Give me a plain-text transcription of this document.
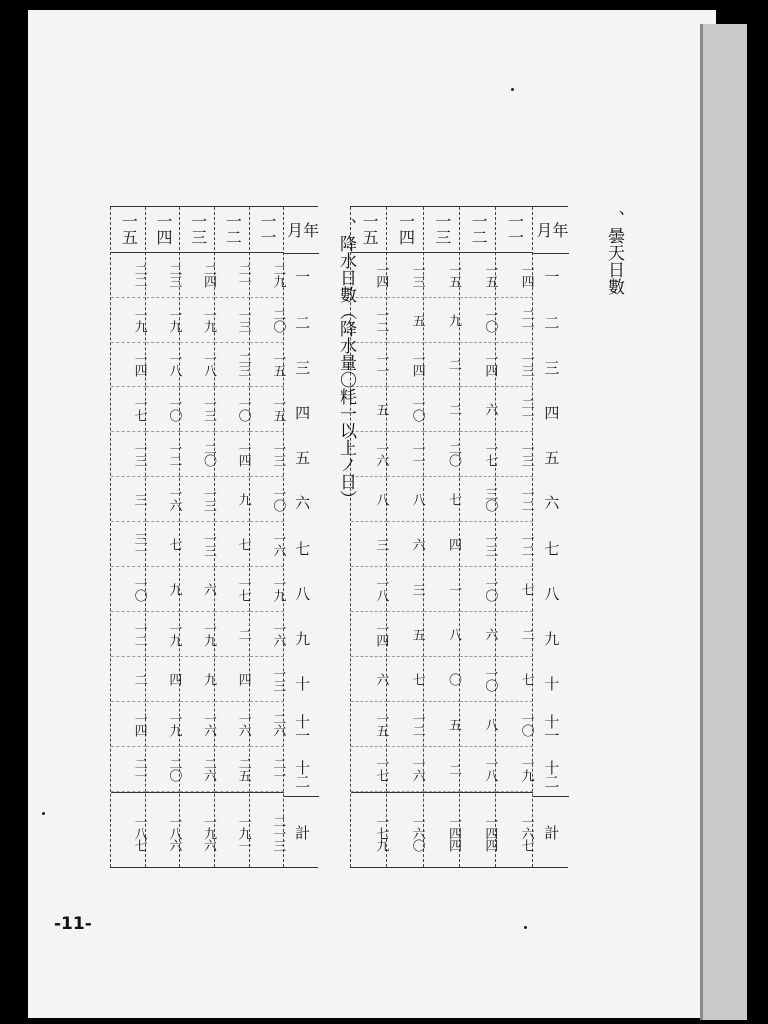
、曇天日數
月
年
一
二
三
四
五
六
七
八
九
十
十一
十二
計
一一
一四
二一
一三
二一
一三
一二
一二
七
二
七
一〇
一九
一六七
一二
一五
一〇
一四
六
一七
三〇
一三
一〇
六
一〇
八
一八
一四四
一三
一五
九
二
二
二〇
七
四
一
八
〇
五
二
一四四
一四
一三
五
一四
一〇
一一
八
六
三
五
七
一二
一六
一六〇
一五
一四
一二
一一
五
一六
八
三
一八
一四
六
一五
一七
一七九
、降水日數（降水量〇粍一以上ノ日）
月
年
一
二
三
四
五
六
七
八
九
十
十一
十二
計
一一
二九
二〇
一五
一五
一三
一〇
一六
一九
一六
一三
二六
二一
二一三
一二
二一
一三
二三
一〇
一四
九
七
一七
二
四
一六
二五
一九一
一三
二四
一九
一八
一三
二〇
一三
一三
六
一九
九
一六
二六
一九六
一四
二三
一九
一八
一〇
一二
一六
七
九
一九
四
一九
二〇
一八六
一五
二二
一九
一四
一七
一三
三
三一
一〇
一二
二
一四
二一
一八七
-11-
